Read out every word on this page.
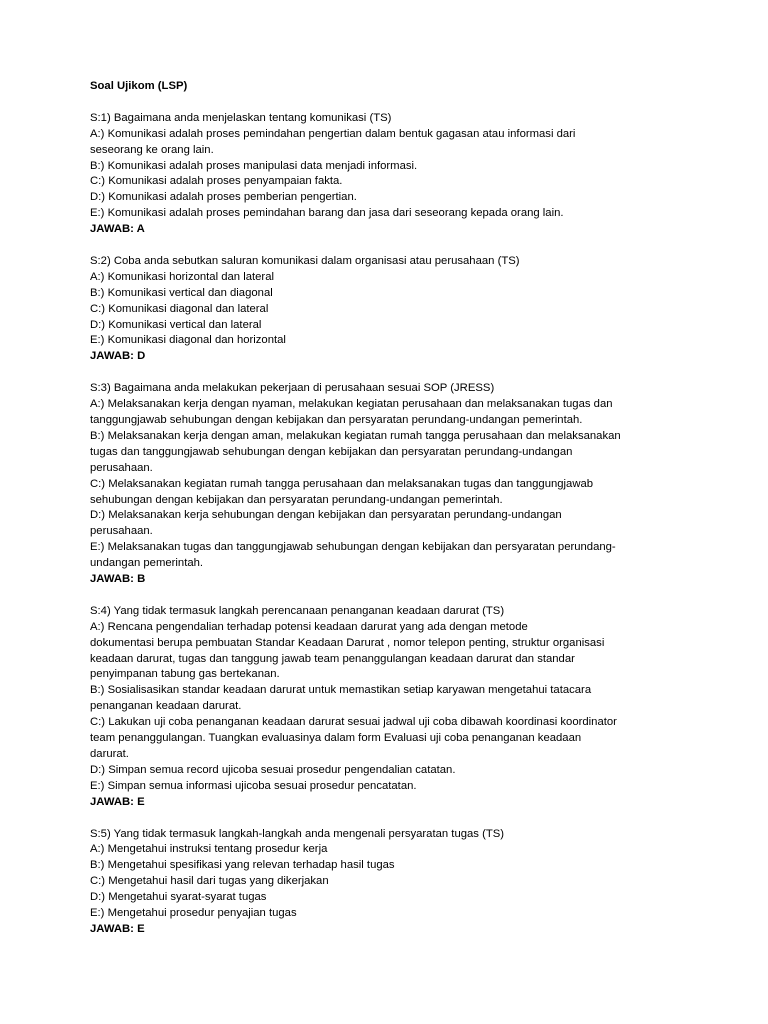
Soal Ujikom (LSP)
S:1) Bagaimana anda menjelaskan tentang komunikasi (TS)
A:) Komunikasi adalah proses pemindahan pengertian dalam bentuk gagasan atau informasi dari
seseorang ke orang lain.
B:) Komunikasi adalah proses manipulasi data menjadi informasi.
C:) Komunikasi adalah proses penyampaian fakta.
D:) Komunikasi adalah proses pemberian pengertian.
E:) Komunikasi adalah proses pemindahan barang dan jasa dari seseorang kepada orang lain.
JAWAB: A
S:2) Coba anda sebutkan saluran komunikasi dalam organisasi atau perusahaan (TS)
A:) Komunikasi horizontal dan lateral
B:) Komunikasi vertical dan diagonal
C:) Komunikasi diagonal dan lateral
D:) Komunikasi vertical dan lateral
E:) Komunikasi diagonal dan horizontal
JAWAB: D
S:3) Bagaimana anda melakukan pekerjaan di perusahaan sesuai SOP (JRESS)
A:) Melaksanakan kerja dengan nyaman, melakukan kegiatan perusahaan dan melaksanakan tugas dan
tanggungjawab sehubungan dengan kebijakan dan persyaratan perundang-undangan pemerintah.
B:) Melaksanakan kerja dengan aman, melakukan kegiatan rumah tangga perusahaan dan melaksanakan
tugas dan tanggungjawab sehubungan dengan kebijakan dan persyaratan perundang-undangan
perusahaan.
C:) Melaksanakan kegiatan rumah tangga perusahaan dan melaksanakan tugas dan tanggungjawab
sehubungan dengan kebijakan dan persyaratan perundang-undangan pemerintah.
D:) Melaksanakan kerja sehubungan dengan kebijakan dan persyaratan perundang-undangan
perusahaan.
E:) Melaksanakan tugas dan tanggungjawab sehubungan dengan kebijakan dan persyaratan perundang-
undangan pemerintah.
JAWAB: B
S:4) Yang tidak termasuk langkah perencanaan penanganan keadaan darurat (TS)
A:) Rencana pengendalian terhadap potensi keadaan darurat yang ada dengan metode
dokumentasi berupa pembuatan Standar Keadaan Darurat , nomor telepon penting, struktur organisasi
keadaan darurat, tugas dan tanggung jawab team penanggulangan keadaan darurat dan standar
penyimpanan tabung gas bertekanan.
B:) Sosialisasikan standar keadaan darurat untuk memastikan setiap karyawan mengetahui tatacara
penanganan keadaan darurat.
C:) Lakukan uji coba penanganan keadaan darurat sesuai jadwal uji coba dibawah koordinasi koordinator
team penanggulangan. Tuangkan evaluasinya dalam form Evaluasi uji coba penanganan keadaan
darurat.
D:) Simpan semua record ujicoba sesuai prosedur pengendalian catatan.
E:) Simpan semua informasi ujicoba sesuai prosedur pencatatan.
JAWAB: E
S:5) Yang tidak termasuk langkah-langkah anda mengenali persyaratan tugas (TS)
A:) Mengetahui instruksi tentang prosedur kerja
B:) Mengetahui spesifikasi yang relevan terhadap hasil tugas
C:) Mengetahui hasil dari tugas yang dikerjakan
D:) Mengetahui syarat-syarat tugas
E:) Mengetahui prosedur penyajian tugas
JAWAB: E
